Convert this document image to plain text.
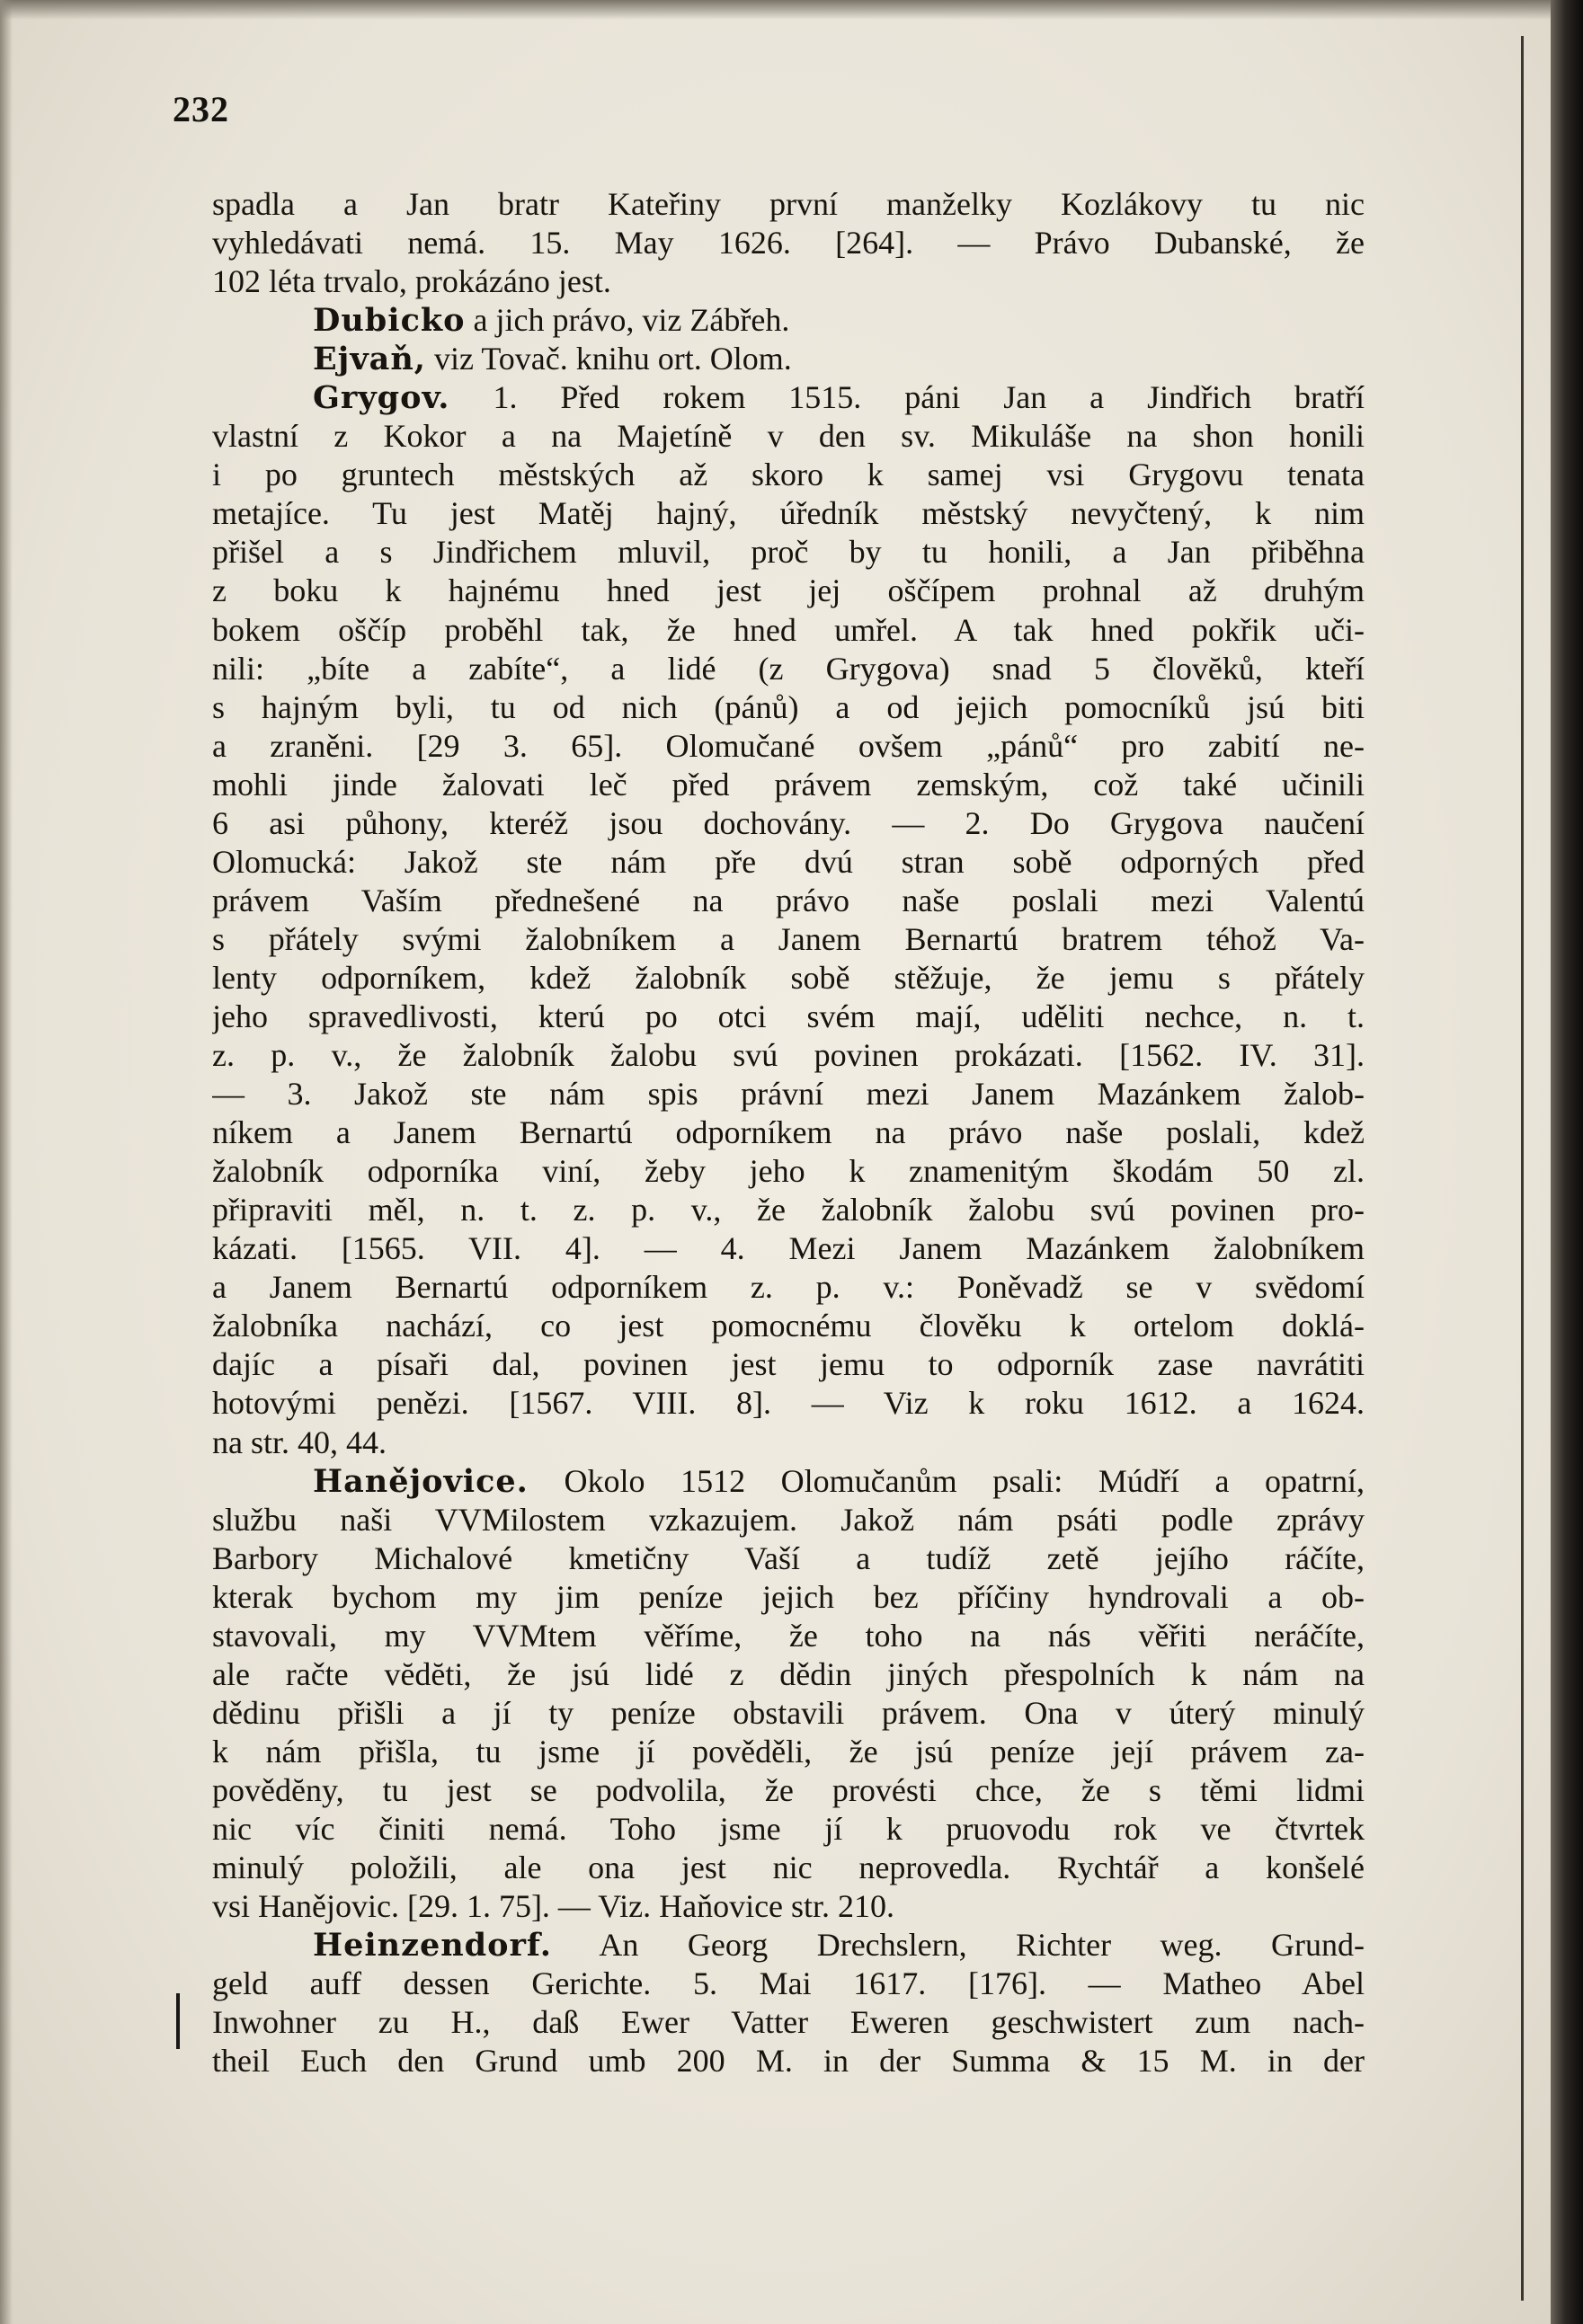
232
spadla a Jan bratr Kateřiny první manželky Kozlákovy tu nic
vyhledávati nemá. 15. May 1626. [264]. — Právo Dubanské, že
102 léta trvalo, prokázáno jest.
Dubicko a jich právo, viz Zábřeh.
Ejvaň, viz Tovač. knihu ort. Olom.
Grygov. 1. Před rokem 1515. páni Jan a Jindřich bratří
vlastní z Kokor a na Majetíně v den sv. Mikuláše na shon honili
i po gruntech městských až skoro k samej vsi Grygovu tenata
metajíce. Tu jest Matěj hajný, úředník městský nevyčtený, k nim
přišel a s Jindřichem mluvil, proč by tu honili, a Jan přiběhna
z boku k hajnému hned jest jej oščípem prohnal až druhým
bokem oščíp proběhl tak, že hned umřel. A tak hned pokřik uči-
nili: „bíte a zabíte“, a lidé (z Grygova) snad 5 človĕků, kteří
s hajným byli, tu od nich (pánů) a od jejich pomocníků jsú biti
a zraněni. [29 3. 65]. Olomučané ovšem „pánů“ pro zabití ne-
mohli jinde žalovati leč před právem zemským, což také učinili
6 asi půhony, kteréž jsou dochovány. — 2. Do Grygova naučení
Olomucká: Jakož ste nám pře dvú stran sobě odporných před
právem Vaším přednešené na právo naše poslali mezi Valentú
s přátely svými žalobníkem a Janem Bernartú bratrem téhož Va-
lenty odporníkem, kdež žalobník sobě stěžuje, že jemu s přátely
jeho spravedlivosti, kterú po otci svém mají, uděliti nechce, n. t.
z. p. v., že žalobník žalobu svú povinen prokázati. [1562. IV. 31].
— 3. Jakož ste nám spis právní mezi Janem Mazánkem žalob-
níkem a Janem Bernartú odporníkem na právo naše poslali, kdež
žalobník odporníka viní, žeby jeho k znamenitým škodám 50 zl.
připraviti měl, n. t. z. p. v., že žalobník žalobu svú povinen pro-
kázati. [1565. VII. 4]. — 4. Mezi Janem Mazánkem žalobníkem
a Janem Bernartú odporníkem z. p. v.: Poněvadž se v svĕdomí
žalobníka nachází, co jest pomocnému člověku k ortelom doklá-
dajíc a písaři dal, povinen jest jemu to odporník zase navrátiti
hotovými penězi. [1567. VIII. 8]. — Viz k roku 1612. a 1624.
na str. 40, 44.
Hanějovice. Okolo 1512 Olomučanům psali: Múdří a opatrní,
službu naši VVMilostem vzkazujem. Jakož nám psáti podle zprávy
Barbory Michalové kmetičny Vaší a tudíž zetě jejího ráčíte,
kterak bychom my jim peníze jejich bez příčiny hyndrovali a ob-
stavovali, my VVMtem věříme, že toho na nás věřiti neráčíte,
ale račte vĕdĕti, že jsú lidé z dědin jiných přespolních k nám na
dědinu přišli a jí ty peníze obstavili právem. Ona v úterý minulý
k nám přišla, tu jsme jí pověděli, že jsú peníze její právem za-
povědĕny, tu jest se podvolila, že provésti chce, že s těmi lidmi
nic víc činiti nemá. Toho jsme jí k pruovodu rok ve čtvrtek
minulý položili, ale ona jest nic neprovedla. Rychtář a konšelé
vsi Hanějovic. [29. 1. 75]. — Viz. Haňovice str. 210.
Heinzendorf. An Georg Drechslern, Richter weg. Grund-
geld auff dessen Gerichte. 5. Mai 1617. [176]. — Matheo Abel
Inwohner zu H., daß Ewer Vatter Eweren geschwistert zum nach-
theil Euch den Grund umb 200 M. in der Summa & 15 M. in der
